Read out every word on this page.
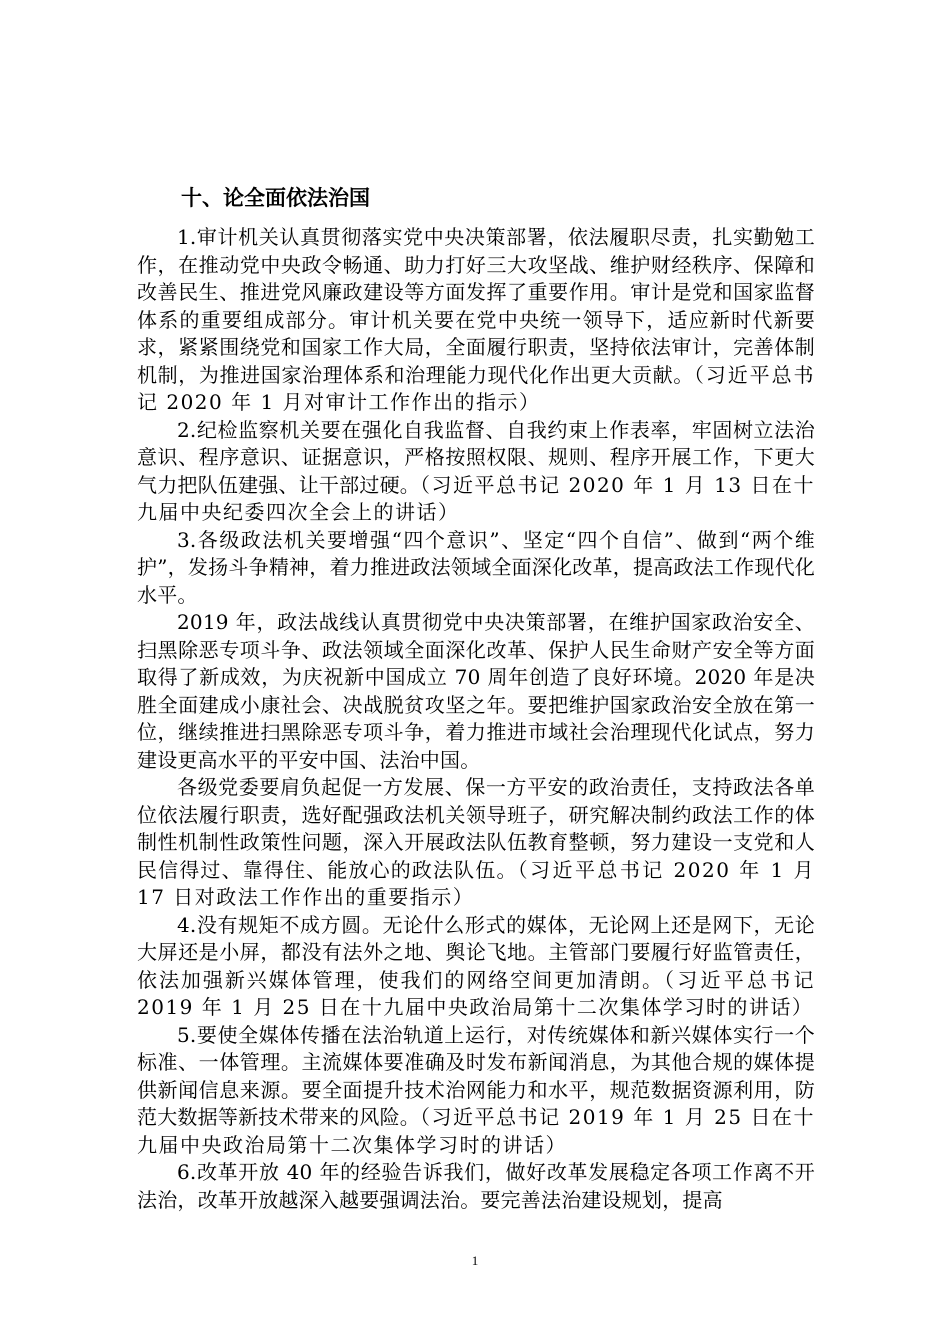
十、论全面依法治国

1.审计机关认真贯彻落实党中央决策部署，依法履职尽责，扎实勤勉工作，在推动党中央政令畅通、助力打好三大攻坚战、维护财经秩序、保障和改善民生、推进党风廉政建设等方面发挥了重要作用。审计是党和国家监督体系的重要组成部分。审计机关要在党中央统一领导下，适应新时代新要求，紧紧围绕党和国家工作大局，全面履行职责，坚持依法审计，完善体制机制，为推进国家治理体系和治理能力现代化作出更大贡献。（习近平总书记 2020 年 1 月对审计工作作出的指示）

2.纪检监察机关要在强化自我监督、自我约束上作表率，牢固树立法治意识、程序意识、证据意识，严格按照权限、规则、程序开展工作，下更大气力把队伍建强、让干部过硬。（习近平总书记 2020 年 1 月 13 日在十九届中央纪委四次全会上的讲话）

3.各级政法机关要增强“四个意识”、坚定“四个自信”、做到“两个维护”，发扬斗争精神，着力推进政法领域全面深化改革，提高政法工作现代化水平。

2019 年，政法战线认真贯彻党中央决策部署，在维护国家政治安全、扫黑除恶专项斗争、政法领域全面深化改革、保护人民生命财产安全等方面取得了新成效，为庆祝新中国成立 70 周年创造了良好环境。2020 年是决胜全面建成小康社会、决战脱贫攻坚之年。要把维护国家政治安全放在第一位，继续推进扫黑除恶专项斗争，着力推进市域社会治理现代化试点，努力建设更高水平的平安中国、法治中国。

各级党委要肩负起促一方发展、保一方平安的政治责任，支持政法各单位依法履行职责，选好配强政法机关领导班子，研究解决制约政法工作的体制性机制性政策性问题，深入开展政法队伍教育整顿，努力建设一支党和人民信得过、靠得住、能放心的政法队伍。（习近平总书记 2020 年 1 月 17 日对政法工作作出的重要指示）

4.没有规矩不成方圆。无论什么形式的媒体，无论网上还是网下，无论大屏还是小屏，都没有法外之地、舆论飞地。主管部门要履行好监管责任，依法加强新兴媒体管理，使我们的网络空间更加清朗。（习近平总书记 2019 年 1 月 25 日在十九届中央政治局第十二次集体学习时的讲话）

5.要使全媒体传播在法治轨道上运行，对传统媒体和新兴媒体实行一个标准、一体管理。主流媒体要准确及时发布新闻消息，为其他合规的媒体提供新闻信息来源。要全面提升技术治网能力和水平，规范数据资源利用，防范大数据等新技术带来的风险。（习近平总书记 2019 年 1 月 25 日在十九届中央政治局第十二次集体学习时的讲话）

6.改革开放 40 年的经验告诉我们，做好改革发展稳定各项工作离不开法治，改革开放越深入越要强调法治。要完善法治建设规划，提高

1
